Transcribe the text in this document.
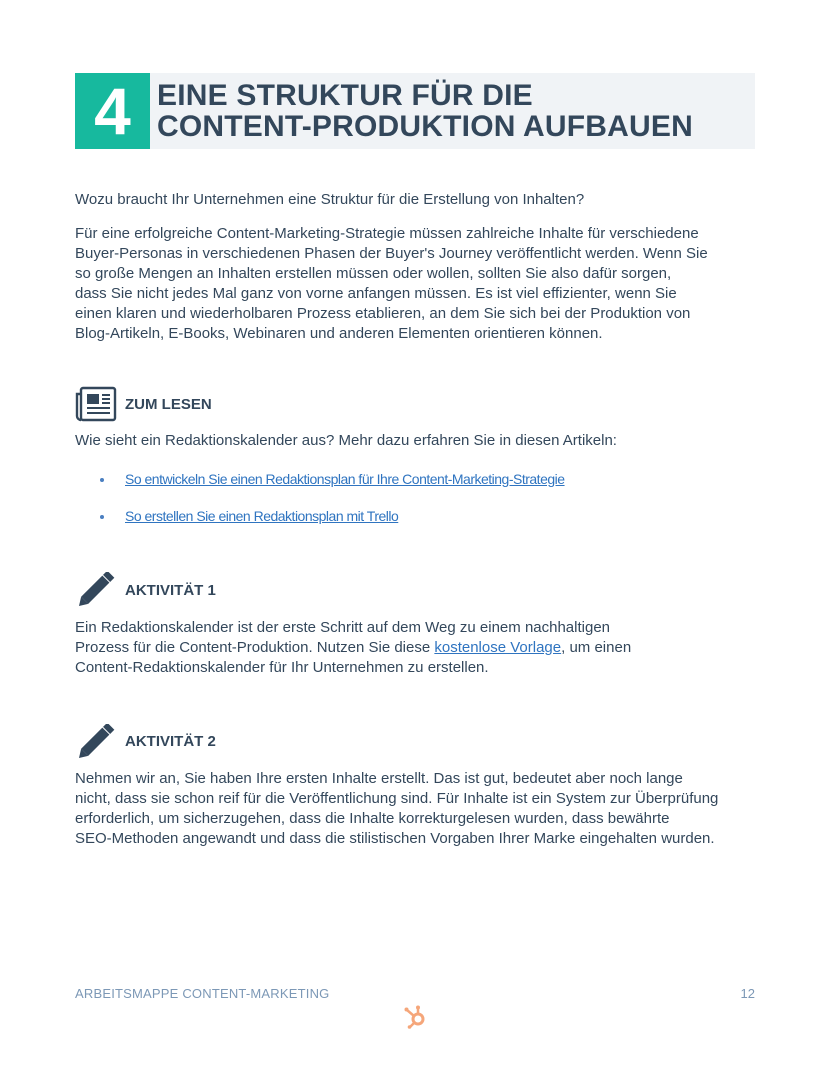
4 EINE STRUKTUR FÜR DIE
CONTENT-PRODUKTION AUFBAUEN

Wozu braucht Ihr Unternehmen eine Struktur für die Erstellung von Inhalten?

Für eine erfolgreiche Content-Marketing-Strategie müssen zahlreiche Inhalte für verschiedene
Buyer-Personas in verschiedenen Phasen der Buyer's Journey veröffentlicht werden. Wenn Sie
so große Mengen an Inhalten erstellen müssen oder wollen, sollten Sie also dafür sorgen,
dass Sie nicht jedes Mal ganz von vorne anfangen müssen. Es ist viel effizienter, wenn Sie
einen klaren und wiederholbaren Prozess etablieren, an dem Sie sich bei der Produktion von
Blog-Artikeln, E-Books, Webinaren und anderen Elementen orientieren können.
ZUM LESEN

Wie sieht ein Redaktionskalender aus? Mehr dazu erfahren Sie in diesen Artikeln:

So entwickeln Sie einen Redaktionsplan für Ihre Content-Marketing-Strategie
So erstellen Sie einen Redaktionsplan mit Trello
AKTIVITÄT 1
Ein Redaktionskalender ist der erste Schritt auf dem Weg zu einem nachhaltigen
Prozess für die Content-Produktion. Nutzen Sie diese kostenlose Vorlage, um einen
Content-Redaktionskalender für Ihr Unternehmen zu erstellen.
AKTIVITÄT 2
Nehmen wir an, Sie haben Ihre ersten Inhalte erstellt. Das ist gut, bedeutet aber noch lange
nicht, dass sie schon reif für die Veröffentlichung sind. Für Inhalte ist ein System zur Überprüfung
erforderlich, um sicherzugehen, dass die Inhalte korrekturgelesen wurden, dass bewährte
SEO-Methoden angewandt und dass die stilistischen Vorgaben Ihrer Marke eingehalten wurden.
ARBEITSMAPPE CONTENT-MARKETING	12
